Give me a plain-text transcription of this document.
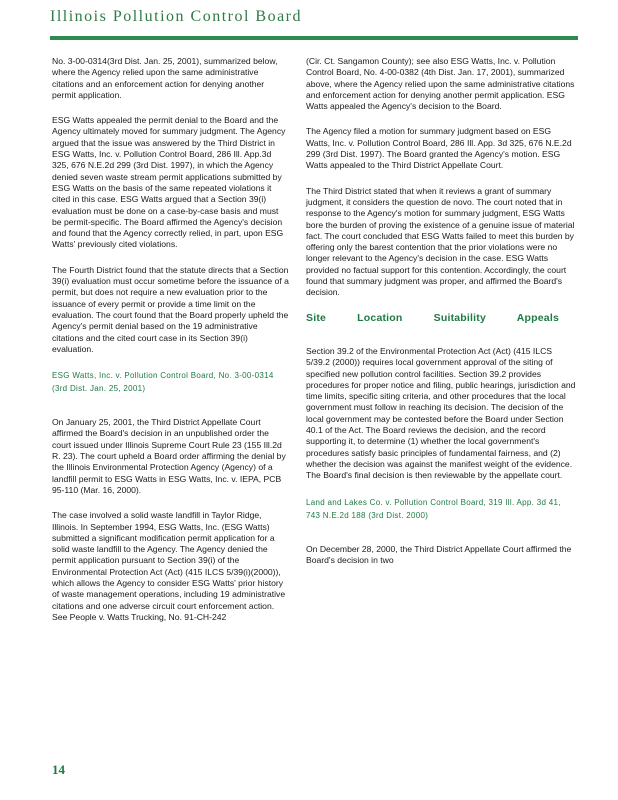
Illinois Pollution Control Board

No. 3-00-0314(3rd Dist. Jan. 25, 2001), summarized below, where the Agency relied upon the same administrative citations and an enforcement action for denying another permit application.

ESG Watts appealed the permit denial to the Board and the Agency ultimately moved for summary judgment. The Agency argued that the issue was answered by the Third District in ESG Watts, Inc. v. Pollution Control Board, 286 Ill. App.3d 325, 676 N.E.2d 299 (3rd Dist. 1997), in which the Agency denied seven waste stream permit applications submitted by ESG Watts on the basis of the same repeated violations it cited in this case. ESG Watts argued that a Section 39(i) evaluation must be done on a case-by-case basis and must be permit-specific. The Board affirmed the Agency's decision and found that the Agency correctly relied, in part, upon ESG Watts' previously cited violations.

The Fourth District found that the statute directs that a Section 39(i) evaluation must occur sometime before the issuance of a permit, but does not require a new evaluation prior to the issuance of every permit or provide a time limit on the evaluation. The court found that the Board properly upheld the Agency's permit denial based on the 19 administrative citations and the cited court case in its Section 39(i) evaluation.

ESG Watts, Inc. v. Pollution Control Board, No. 3-00-0314 (3rd Dist. Jan. 25, 2001)

On January 25, 2001, the Third District Appellate Court affirmed the Board's decision in an unpublished order the court issued under Illinois Supreme Court Rule 23 (155 Ill.2d R. 23). The court upheld a Board order affirming the denial by the Illinois Environmental Protection Agency (Agency) of a landfill permit to ESG Watts in ESG Watts, Inc. v. IEPA, PCB 95-110 (Mar. 16, 2000).

The case involved a solid waste landfill in Taylor Ridge, Illinois. In September 1994, ESG Watts, Inc. (ESG Watts) submitted a significant modification permit application for a solid waste landfill to the Agency. The Agency denied the permit application pursuant to Section 39(i) of the Environmental Protection Act (Act) (415 ILCS 5/39(i)(2000)), which allows the Agency to consider ESG Watts' prior history of waste management operations, including 19 administrative citations and one adverse circuit court enforcement action. See People v. Watts Trucking, No. 91-CH-242

(Cir. Ct. Sangamon County); see also ESG Watts, Inc. v. Pollution Control Board, No. 4-00-0382 (4th Dist. Jan. 17, 2001), summarized above, where the Agency relied upon the same administrative citations and enforcement action for denying another permit application. ESG Watts appealed the Agency's decision to the Board.

The Agency filed a motion for summary judgment based on ESG Watts, Inc. v. Pollution Control Board, 286 Ill. App. 3d 325, 676 N.E.2d 299 (3rd Dist. 1997). The Board granted the Agency's motion. ESG Watts appealed to the Third District Appellate Court.

The Third District stated that when it reviews a grant of summary judgment, it considers the question de novo. The court noted that in response to the Agency's motion for summary judgment, ESG Watts bore the burden of proving the existence of a genuine issue of material fact. The court concluded that ESG Watts failed to meet this burden by offering only the barest contention that the prior violations were no longer relevant to the Agency's decision in the case. ESG Watts provided no factual support for this contention. Accordingly, the court found that summary judgment was proper, and affirmed the Board's decision.

Site Location Suitability Appeals

Section 39.2 of the Environmental Protection Act (Act) (415 ILCS 5/39.2 (2000)) requires local government approval of the siting of specified new pollution control facilities. Section 39.2 provides procedures for proper notice and filing, public hearings, jurisdiction and time limits, specific siting criteria, and other procedures that the local government must follow in reaching its decision. The decision of the local government may be contested before the Board under Section 40.1 of the Act. The Board reviews the decision, and the record supporting it, to determine (1) whether the local government's procedures satisfy basic principles of fundamental fairness, and (2) whether the decision was against the manifest weight of the evidence. The Board's final decision is then reviewable by the appellate court.

Land and Lakes Co. v. Pollution Control Board, 319 Ill. App. 3d 41, 743 N.E.2d 188 (3rd Dist. 2000)

On December 28, 2000, the Third District Appellate Court affirmed the Board's decision in two

14
